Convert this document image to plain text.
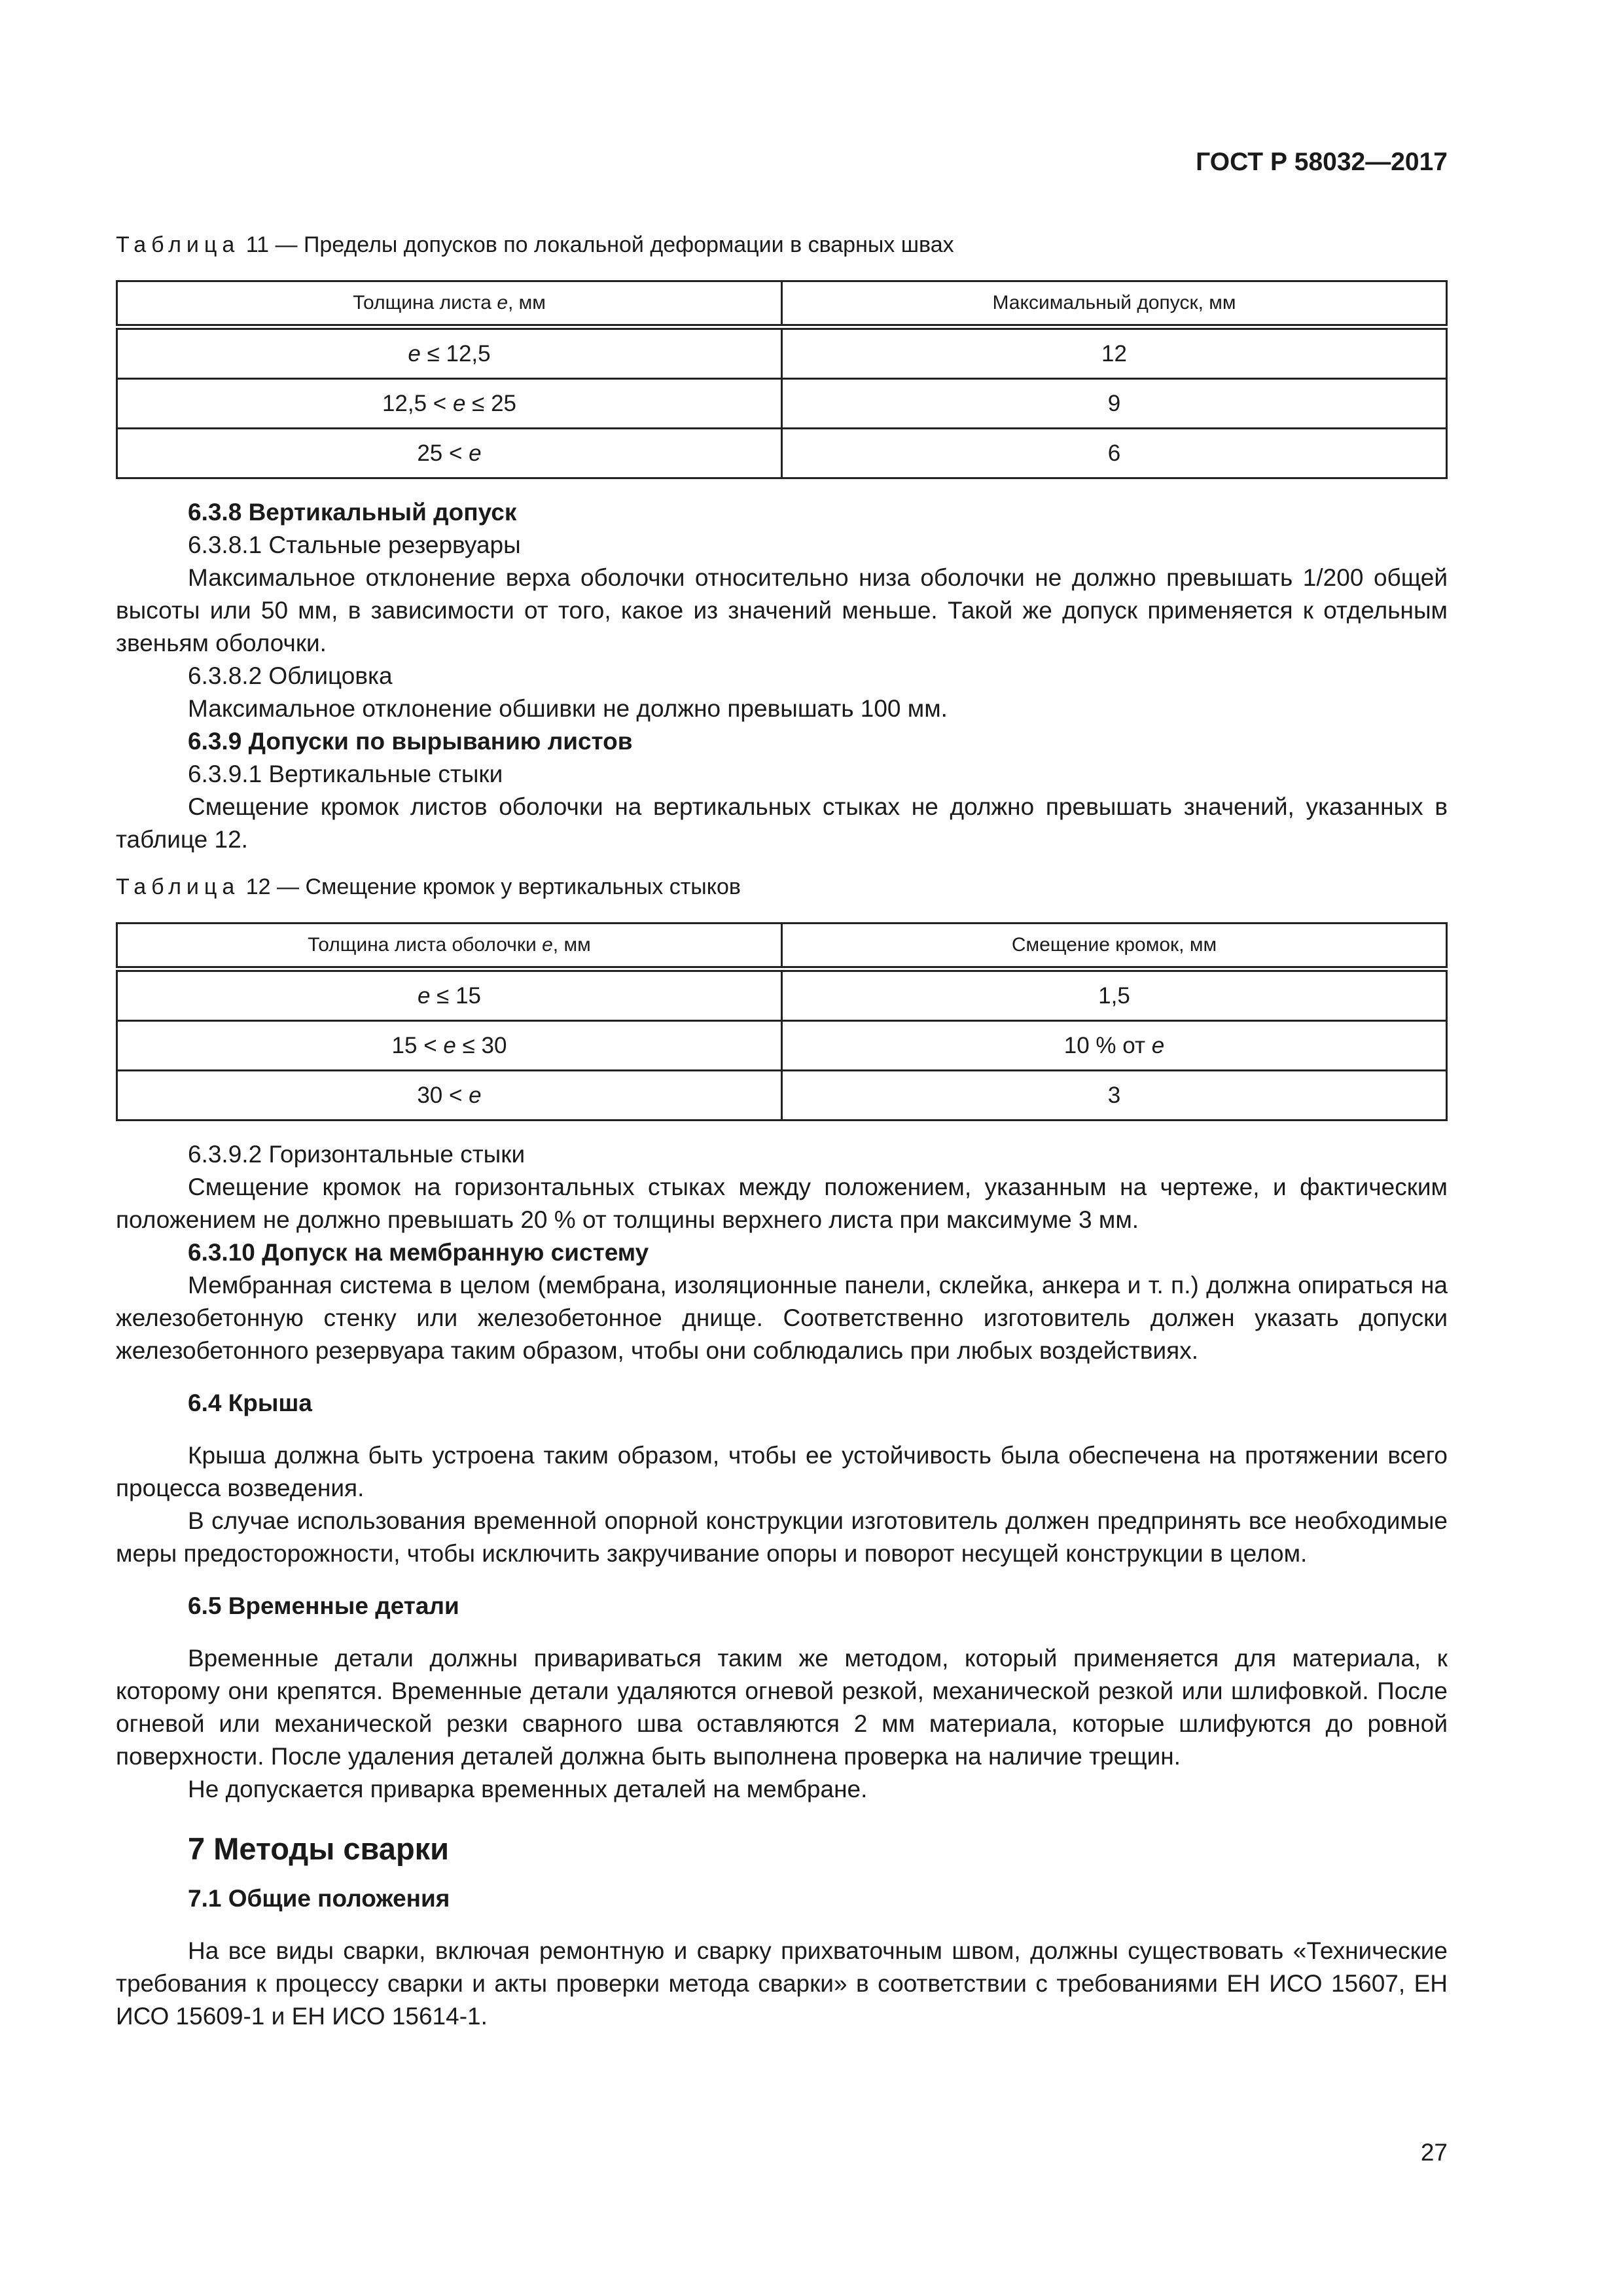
ГОСТ Р 58032—2017
Таблица 11 — Пределы допусков по локальной деформации в сварных швах
Толщина листа e, мм	Максимальный допуск, мм
e ≤ 12,5	12
12,5 < e ≤ 25	9
25 < e	6

6.3.8 Вертикальный допуск

6.3.8.1 Стальные резервуары

Максимальное отклонение верха оболочки относительно низа оболочки не должно превышать 1/200 общей высоты или 50 мм, в зависимости от того, какое из значений меньше. Такой же допуск применяется к отдельным звеньям оболочки.

6.3.8.2 Облицовка

Максимальное отклонение обшивки не должно превышать 100 мм.

6.3.9 Допуски по вырыванию листов

6.3.9.1 Вертикальные стыки

Смещение кромок листов оболочки на вертикальных стыках не должно превышать значений, указанных в таблице 12.

Таблица 12 — Смещение кромок у вертикальных стыков
Толщина листа оболочки e, мм	Смещение кромок, мм
e ≤ 15	1,5
15 < e ≤ 30	10 % от e
30 < e	3

6.3.9.2 Горизонтальные стыки

Смещение кромок на горизонтальных стыках между положением, указанным на чертеже, и фактическим положением не должно превышать 20 % от толщины верхнего листа при максимуме 3 мм.

6.3.10 Допуск на мембранную систему

Мембранная система в целом (мембрана, изоляционные панели, склейка, анкера и т. п.) должна опираться на железобетонную стенку или железобетонное днище. Соответственно изготовитель должен указать допуски железобетонного резервуара таким образом, чтобы они соблюдались при любых воздействиях.

6.4 Крыша

Крыша должна быть устроена таким образом, чтобы ее устойчивость была обеспечена на протяжении всего процесса возведения.

В случае использования временной опорной конструкции изготовитель должен предпринять все необходимые меры предосторожности, чтобы исключить закручивание опоры и поворот несущей конструкции в целом.

6.5 Временные детали

Временные детали должны привариваться таким же методом, который применяется для материала, к которому они крепятся. Временные детали удаляются огневой резкой, механической резкой или шлифовкой. После огневой или механической резки сварного шва оставляются 2 мм материала, которые шлифуются до ровной поверхности. После удаления деталей должна быть выполнена проверка на наличие трещин.

Не допускается приварка временных деталей на мембране.

7 Методы сварки

7.1 Общие положения

На все виды сварки, включая ремонтную и сварку прихваточным швом, должны существовать «Технические требования к процессу сварки и акты проверки метода сварки» в соответствии с требованиями ЕН ИСО 15607, ЕН ИСО 15609-1 и ЕН ИСО 15614-1.

27
